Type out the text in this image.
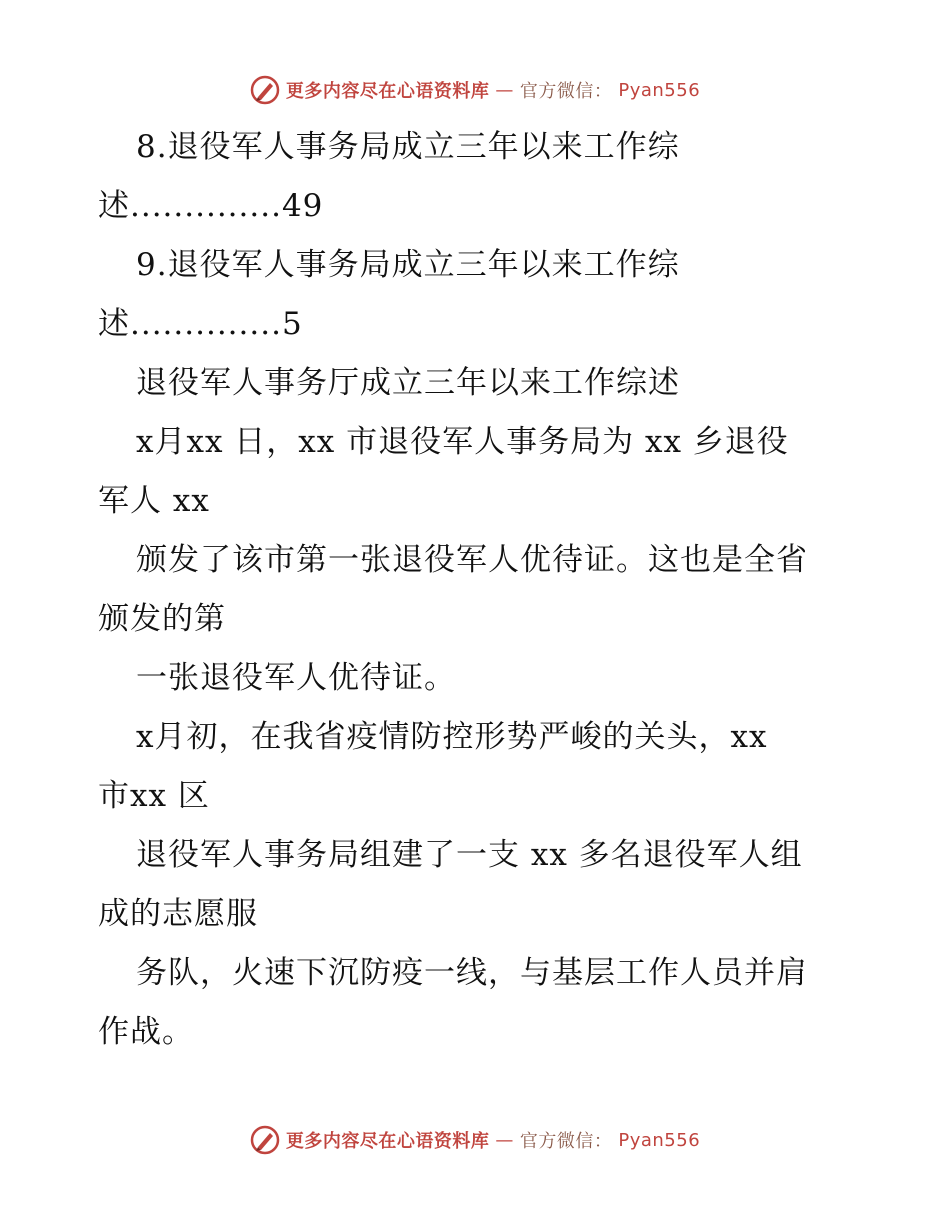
更多内容尽在心语资料库 — 官方微信： Pyan556
8.退役军人事务局成立三年以来工作综
述..............49
9.退役军人事务局成立三年以来工作综
述..............5
退役军人事务厅成立三年以来工作综述
x月xx 日，xx 市退役军人事务局为 xx 乡退役
军人 xx
颁发了该市第一张退役军人优待证。这也是全省
颁发的第
一张退役军人优待证。
x月初，在我省疫情防控形势严峻的关头，xx
市xx 区
退役军人事务局组建了一支 xx 多名退役军人组
成的志愿服
务队，火速下沉防疫一线，与基层工作人员并肩
作战。
更多内容尽在心语资料库 — 官方微信： Pyan556
